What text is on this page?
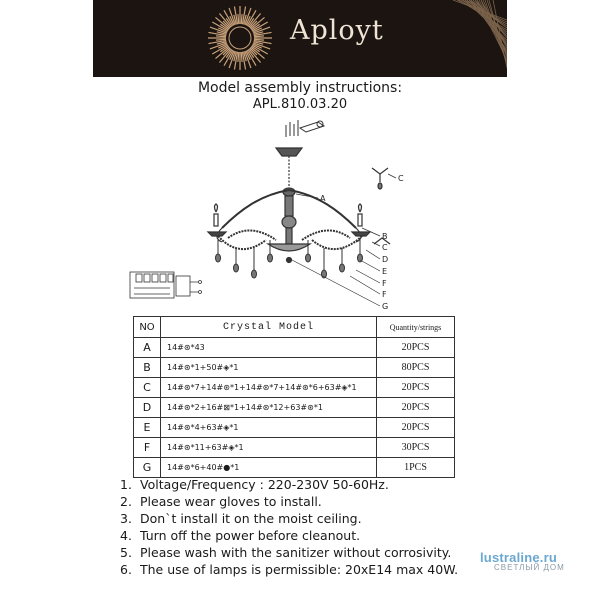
Aployt
Model assembly instructions:
APL.810.03.20
A
B
C
D
E
F
F
G
C
NO	Crystal Model	Quantity/strings
A	14#⊛*43	20PCS
B	14#⊛*1+50#◈*1	80PCS
C	14#⊛*7+14#⊛*1+14#⊛*7+14#⊛*6+63#◈*1	20PCS
D	14#⊛*2+16#⊠*1+14#⊛*12+63#⊛*1	20PCS
E	14#⊛*4+63#◈*1	20PCS
F	14#⊛*11+63#◈*1	30PCS
G	14#⊛*6+40#●*1	1PCS
1. Voltage/Frequency : 220-230V 50-60Hz.
2. Please wear gloves to install.
3. Don`t install it on the moist ceiling.
4. Turn off the power before cleanout.
5. Please wash with the sanitizer without corrosivity.
6. The use of lamps is permissible: 20xE14 max 40W.
lustraline.ru
СВЕТЛЫЙ ДОМ
